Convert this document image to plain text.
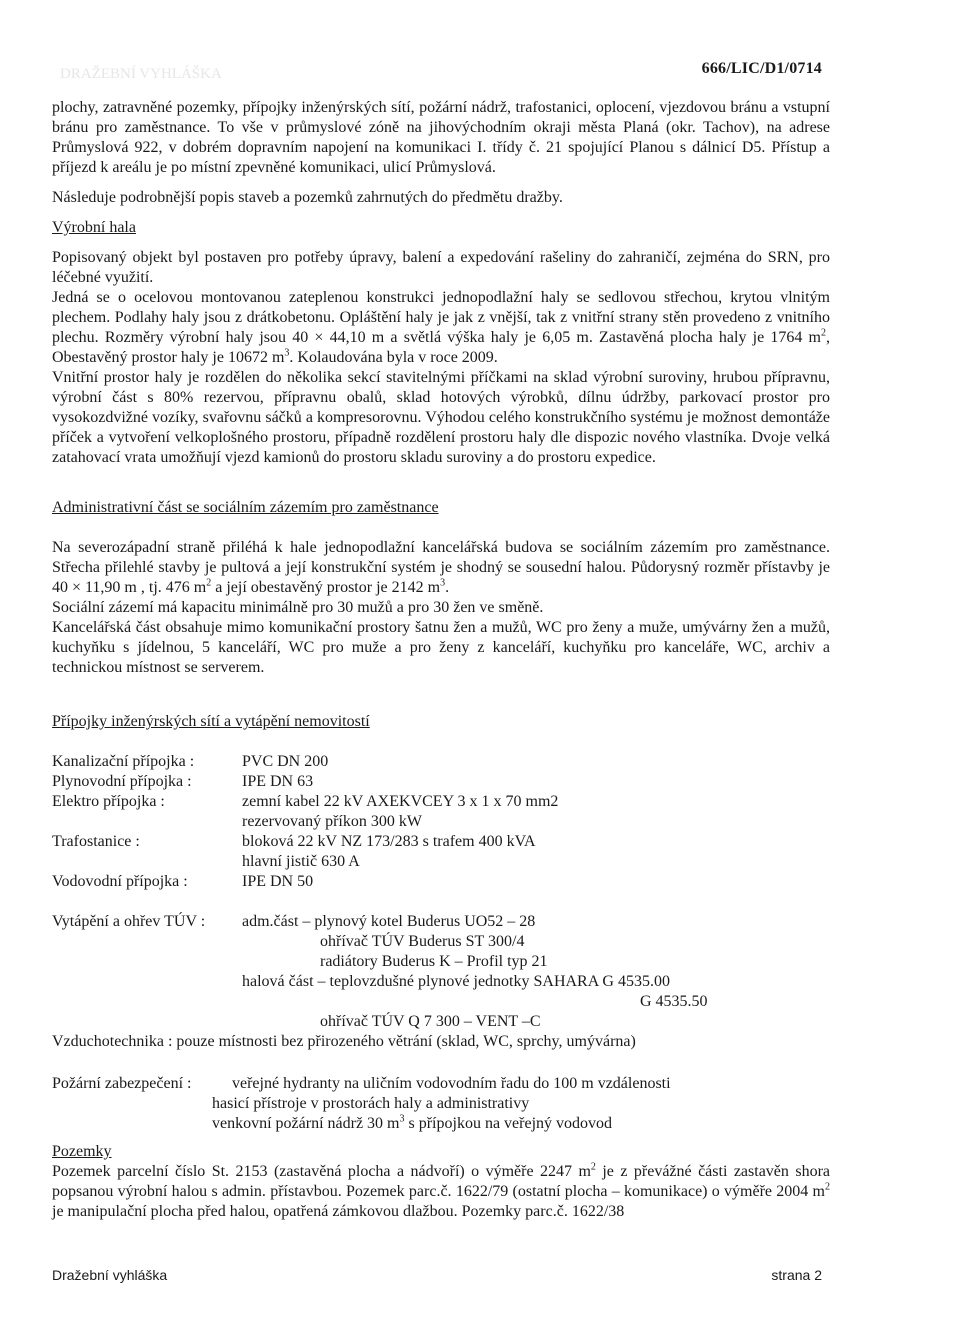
DRAŽEBNÍ VYHLÁŠKA	666/LIC/D1/0714

plochy, zatravněné pozemky, přípojky inženýrských sítí, požární nádrž, trafostanici, oplocení, vjezdovou bránu a vstupní bránu pro zaměstnance. To vše v průmyslové zóně na jihovýchodním okraji města Planá (okr. Tachov), na adrese Průmyslová 922, v dobrém dopravním napojení na komunikaci I. třídy č. 21 spojující Planou s dálnicí D5. Přístup a příjezd k areálu je po místní zpevněné komunikaci, ulicí Průmyslová.

Následuje podrobnější popis staveb a pozemků zahrnutých do předmětu dražby.

Výrobní hala

Popisovaný objekt byl postaven pro potřeby úpravy, balení a expedování rašeliny do zahraničí, zejména do SRN, pro léčebné využití.

Jedná se o ocelovou montovanou zateplenou konstrukci jednopodlažní haly se sedlovou střechou, krytou vlnitým plechem. Podlahy haly jsou z drátkobetonu. Opláštění haly je jak z vnější, tak z vnitřní strany stěn provedeno z vnitního plechu. Rozměry výrobní haly jsou 40 × 44,10 m a světlá výška haly je 6,05 m. Zastavěná plocha haly je 1764 $m^2$, Obestavěný prostor haly je 10672 $m^3$. Kolaudována byla v roce 2009.

Vnitřní prostor haly je rozdělen do několika sekcí stavitelnými příčkami na sklad výrobní suroviny, hrubou přípravnu, výrobní část s 80% rezervou, přípravnu obalů, sklad hotových výrobků, dílnu údržby, parkovací prostor pro vysokozdvižné vozíky, svařovnu sáčků a kompresorovnu. Výhodou celého konstrukčního systému je možnost demontáže příček a vytvoření velkoplošného prostoru, případně rozdělení prostoru haly dle dispozic nového vlastníka. Dvoje velká zatahovací vrata umožňují vjezd kamionů do prostoru skladu suroviny a do prostoru expedice.

Administrativní část se sociálním zázemím pro zaměstnance

Na severozápadní straně přiléhá k hale jednopodlažní kancelářská budova se sociálním zázemím pro zaměstnance. Střecha přilehlé stavby je pultová a její konstrukční systém je shodný se sousední halou. Půdorysný rozměr přístavby je 40 × 11,90 m , tj. 476 $m^2$ a její obestavěný prostor je 2142 $m^3$.

Sociální zázemí má kapacitu minimálně pro 30 mužů a pro 30 žen ve směně.

Kancelářská část obsahuje mimo komunikační prostory šatnu žen a mužů, WC pro ženy a muže, umývárny žen a mužů, kuchyňku s jídelnou, 5 kanceláří, WC pro muže a pro ženy z kanceláří, kuchyňku pro kanceláře, WC, archiv a technickou místnost se serverem.

Přípojky inženýrských sítí a vytápění nemovitostí

Kanalizační přípojka :	PVC DN 200
Plynovodní přípojka :	IPE DN 63
Elektro přípojka :	zemní kabel 22 kV AXEKVCEY 3 x 1 x 70 mm2
rezervovaný příkon 300 kW
Trafostanice :	bloková 22 kV NZ 173/283 s trafem 400 kVA
hlavní jistič 630 A
Vodovodní přípojka :	IPE DN 50
Vytápění a ohřev TÚV : adm.část – plynový kotel Buderus UO52 – 28
ohřívač TÚV Buderus ST 300/4
radiátory Buderus K – Profil typ 21
halová část – teplovzdušné plynové jednotky SAHARA G 4535.00
G 4535.50
ohřívač TÚV Q 7 300 – VENT –C
Vzduchotechnika : pouze místnosti bez přirozeného větrání (sklad, WC, sprchy, umývárna)
Požární zabezpečení :	veřejné hydranty na uličním vodovodním řadu do 100 m vzdálenosti
hasicí přístroje v prostorách haly a administrativy
venkovní požární nádrž 30 $m^3$ s přípojkou na veřejný vodovod

Pozemky

Pozemek parcelní číslo St. 2153 (zastavěná plocha a nádvoří) o výměře 2247 $m^2$ je z převážné části zastavěn shora popsanou výrobní halou s admin. přístavbou. Pozemek parc.č. 1622/79 (ostatní plocha – komunikace) o výměře 2004 $m^2$ je manipulační plocha před halou, opatřená zámkovou dlažbou. Pozemky parc.č. 1622/38

Dražební vyhláška	strana 2
